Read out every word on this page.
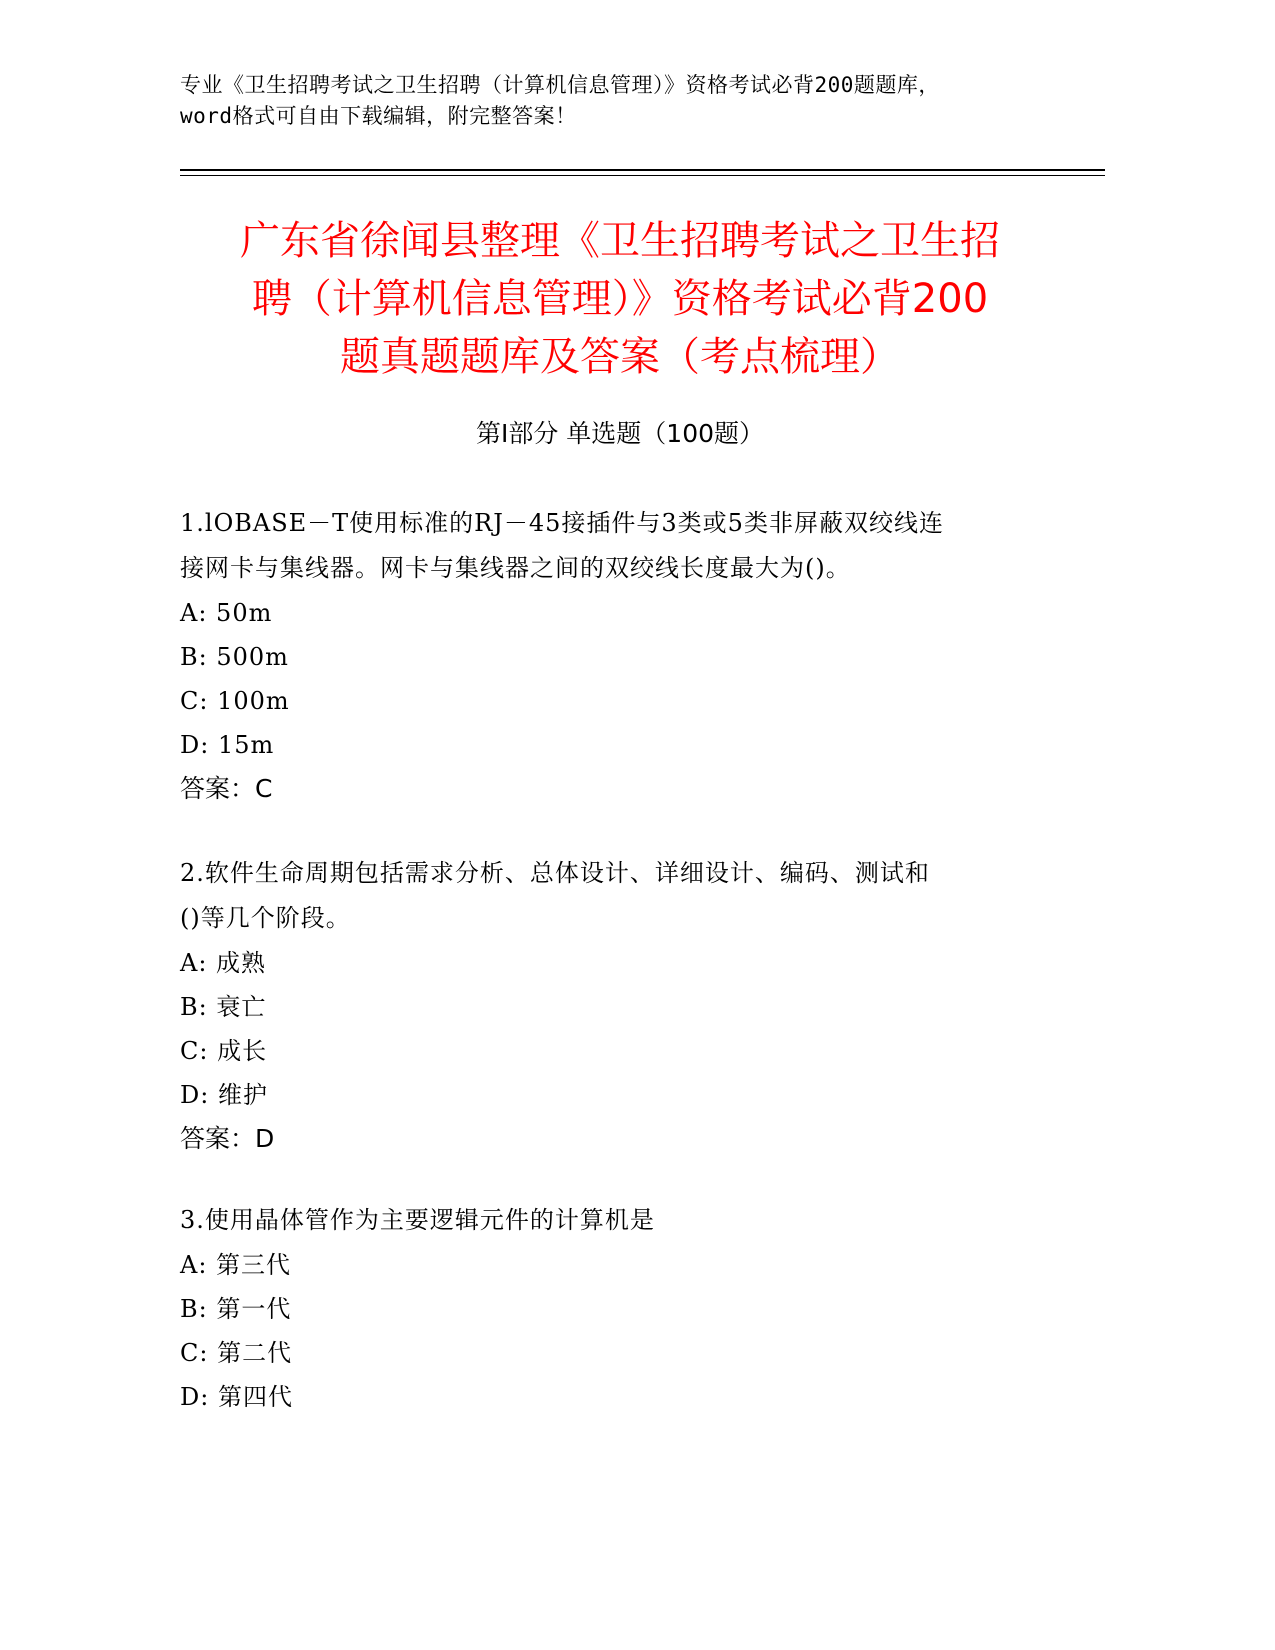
专业《卫生招聘考试之卫生招聘（计算机信息管理）》资格考试必背200题题库，
word格式可自由下载编辑，附完整答案！
广东省徐闻县整理《卫生招聘考试之卫生招
聘（计算机信息管理）》资格考试必背200
题真题题库及答案（考点梳理）
第Ⅰ部分 单选题（100题）
1.lOBASE－T使用标准的RJ－45接插件与3类或5类非屏蔽双绞线连
接网卡与集线器。网卡与集线器之间的双绞线长度最大为()。
A: 50m
B: 500m
C: 100m
D: 15m
答案：C
2.软件生命周期包括需求分析、总体设计、详细设计、编码、测试和
()等几个阶段。
A: 成熟
B: 衰亡
C: 成长
D: 维护
答案：D
3.使用晶体管作为主要逻辑元件的计算机是
A: 第三代
B: 第一代
C: 第二代
D: 第四代
